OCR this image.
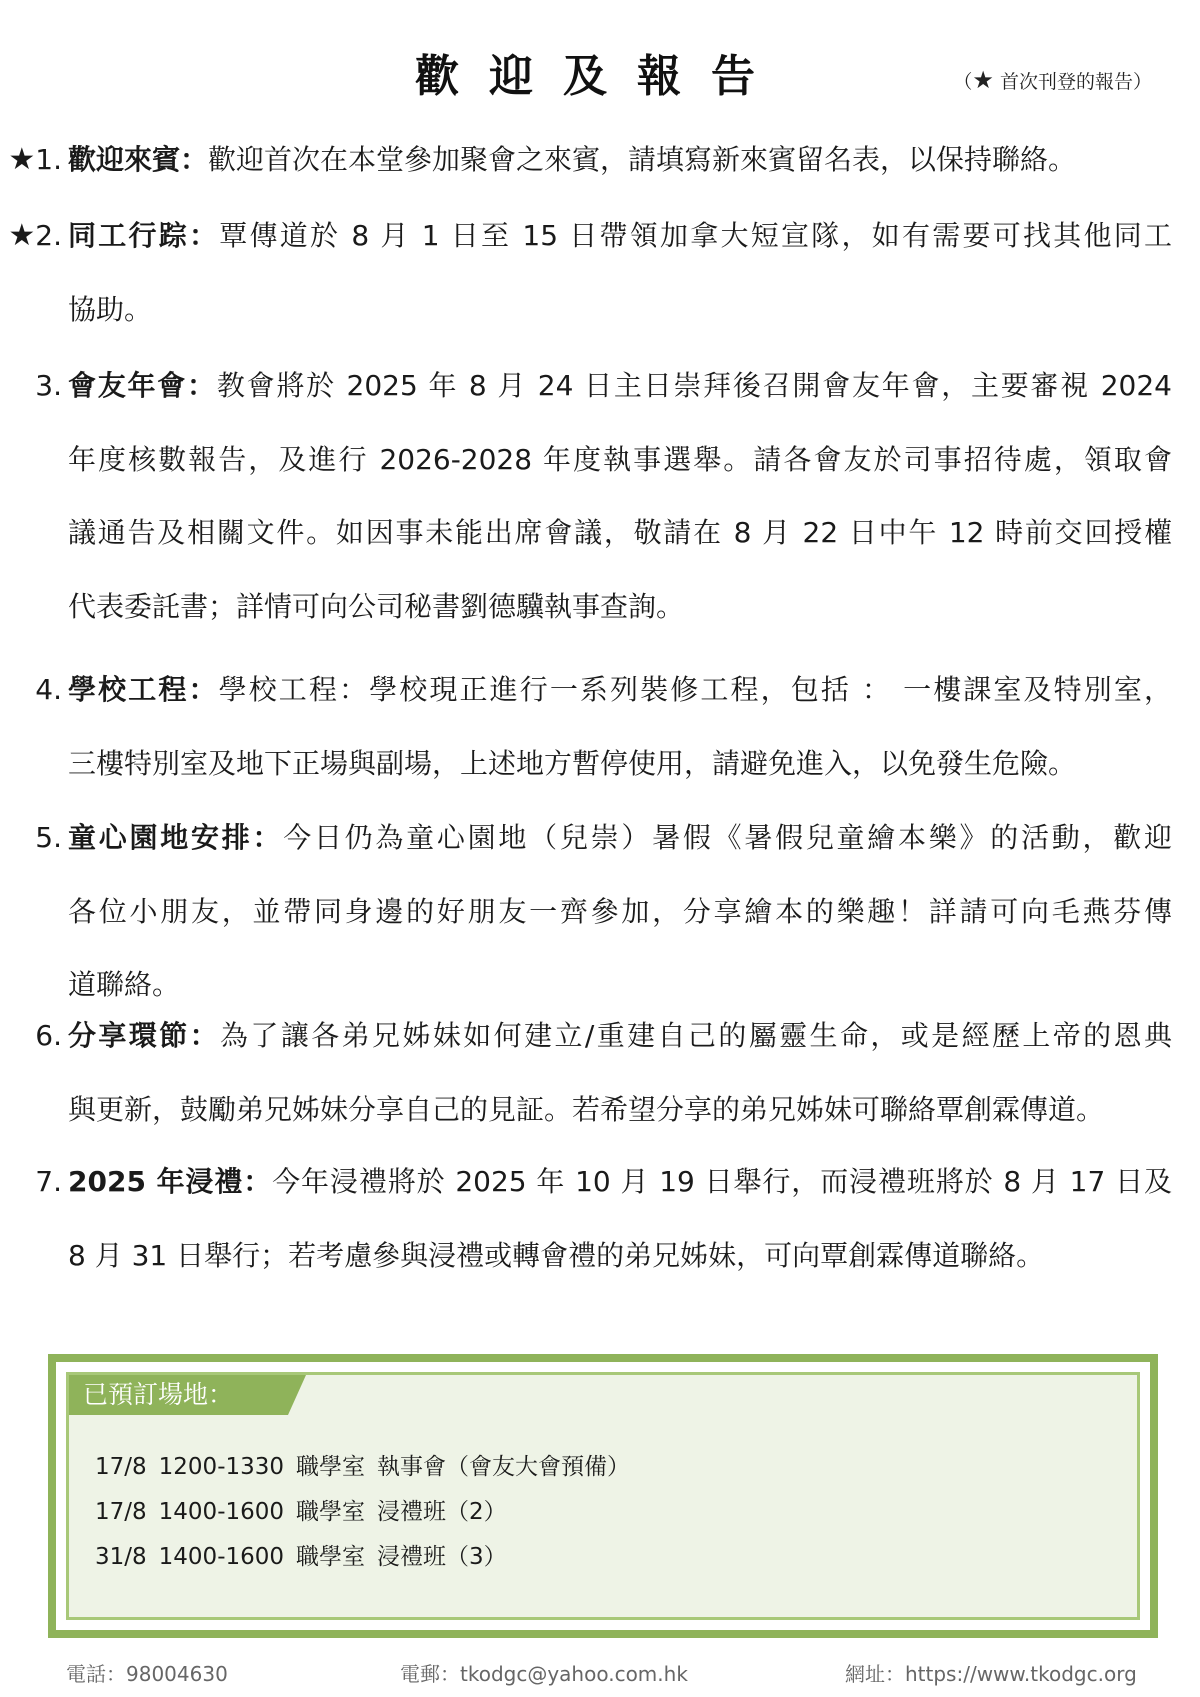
歡迎及報告	（★ 首次刊登的報告）
★1. 歡迎來賓：歡迎首次在本堂參加聚會之來賓，請填寫新來賓留名表，以保持聯絡。
★2. 同工行踪：覃傳道於 8 月 1 日至 15 日帶領加拿大短宣隊，如有需要可找其他同工
協助。
3. 會友年會：教會將於 2025 年 8 月 24 日主日崇拜後召開會友年會，主要審視 2024
年度核數報告，及進行 2026-2028 年度執事選舉。請各會友於司事招待處，領取會
議通告及相關文件。如因事未能出席會議，敬請在 8 月 22 日中午 12 時前交回授權
代表委託書；詳情可向公司秘書劉德驥執事查詢。
4. 學校工程：學校工程：學校現正進行一系列裝修工程，包括 ： 一樓課室及特別室，
三樓特別室及地下正場與副場，上述地方暫停使用，請避免進入，以免發生危險。
5. 童心園地安排：今日仍為童心園地（兒崇）暑假《暑假兒童繪本樂》的活動，歡迎
各位小朋友，並帶同身邊的好朋友一齊參加，分享繪本的樂趣！詳請可向毛燕芬傳
道聯絡。
6. 分享環節：為了讓各弟兄姊妹如何建立/重建自己的屬靈生命，或是經歷上帝的恩典
與更新，鼓勵弟兄姊妹分享自己的見証。若希望分享的弟兄姊妹可聯絡覃創霖傳道。
7. 2025 年浸禮：今年浸禮將於 2025 年 10 月 19 日舉行，而浸禮班將於 8 月 17 日及
8 月 31 日舉行；若考慮參與浸禮或轉會禮的弟兄姊妹，可向覃創霖傳道聯絡。
已預訂場地：
17/8 1200-1330 職學室 執事會（會友大會預備）
17/8 1400-1600 職學室 浸禮班（2）
31/8 1400-1600 職學室 浸禮班（3）
電話：98004630	電郵：tkodgc@yahoo.com.hk	網址：https://www.tkodgc.org
